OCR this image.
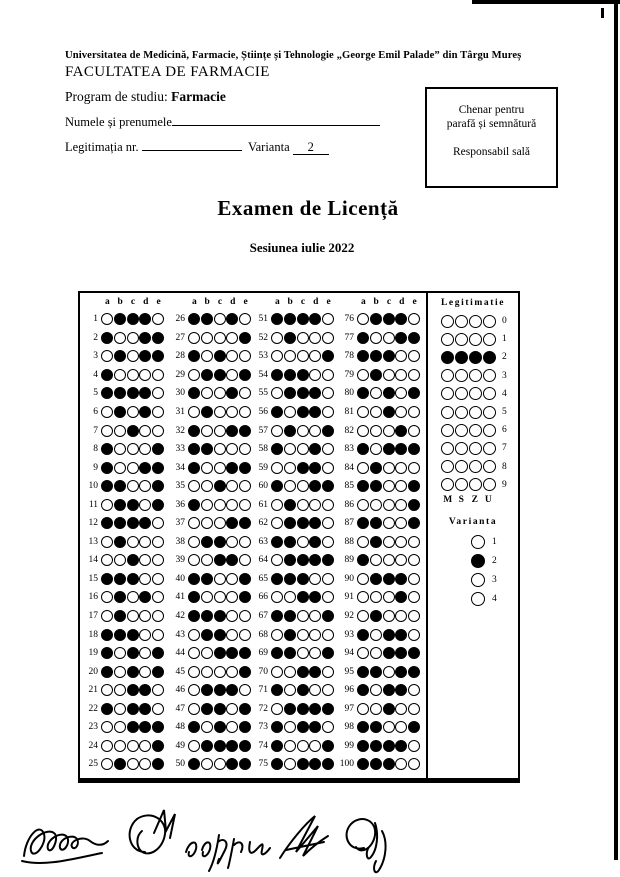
Universitatea de Medicină, Farmacie, Științe și Tehnologie „George Emil Palade” din Târgu Mureș
FACULTATEA DE FARMACIE
Program de studiu: Farmacie
Numele și prenumele
Legitimația nr.	Varianta 2
Chenar pentru
parafă și semnătură
Responsabil sală
Examen de Licență
Sesiunea iulie 2022
a b c d e
1
2
3
4
5
6
7
8
9
10
11
12
13
14
15
16
17
18
19
20
21
22
23
24
25
a b c d e
26
27
28
29
30
31
32
33
34
35
36
37
38
39
40
41
42
43
44
45
46
47
48
49
50
a b c d e
51
52
53
54
55
56
57
58
59
60
61
62
63
64
65
66
67
68
69
70
71
72
73
74
75
a b c d e
76
77
78
79
80
81
82
83
84
85
86
87
88
89
90
91
92
93
94
95
96
97
98
99
100
Legitimatie
0
1
2
3
4
5
6
7
8
9
M S Z U
Varianta
1
2
3
4
